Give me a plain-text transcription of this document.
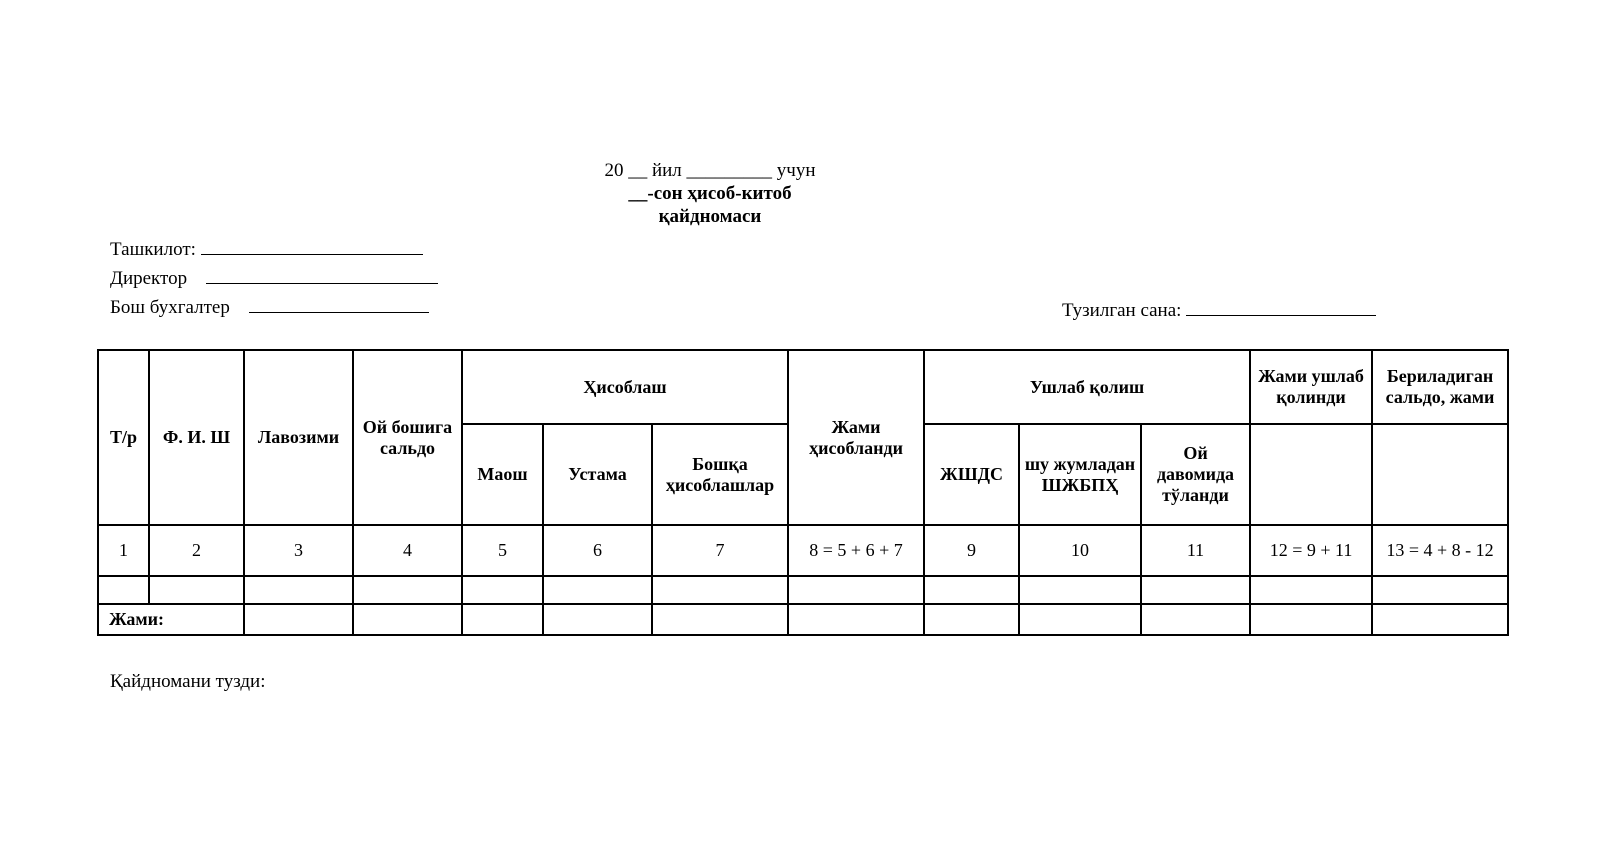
20 __ йил _________ учун
__-сон ҳисоб-китоб
қайдномаси
Ташкилот:
Директор
Бош бухгалтер	Тузилган сана:
Т/р	Ф. И. Ш	Лавозими	Ой бошига сальдо	Ҳисоблаш			Жами ҳисобланди	Ушлаб қолиш			Жами ушлаб қолинди	Бериладиган сальдо, жами
				Маош	Устама	Бошқа ҳисоблашлар		ЖШДС	шу жумладан ШЖБПҲ	Ой давомида тўланди		
1	2	3	4	5	6	7	8 = 5 + 6 + 7	9	10	11	12 = 9 + 11	13 = 4 + 8 - 12

Жами:												
Қайдномани тузди:
